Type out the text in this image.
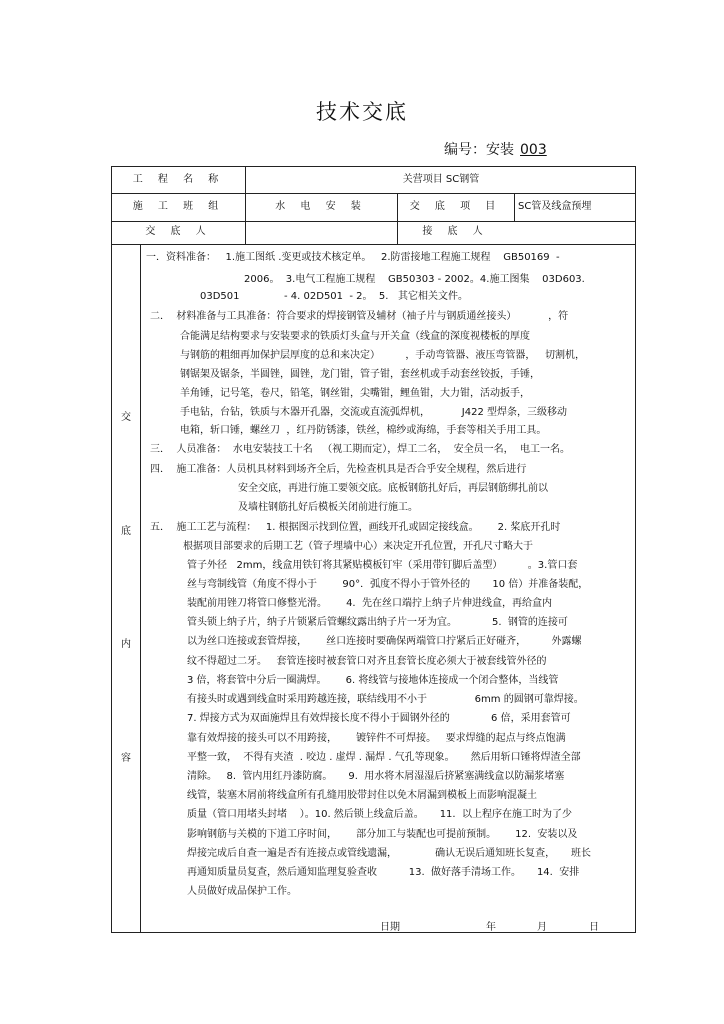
技术交底
编号：安装 003
工 程 名 称	关营项目 SC钢管
施 工 班 组	水 电 安 装	交 底 项 目	SC管及线盒预埋
交 底 人	接 底 人
交
底
内
容
一．资料准备：   1.施工图纸 .变更或技术核定单。   2.防雷接地工程施工规程    GB50169  -
2006。  3.电气工程施工规程    GB50303 - 2002。4.施工图集    03D603.
03D501              - 4. 02D501  - 2。  5.   其它相关文件。
二．  材料准备与工具准备：符合要求的焊接钢管及辅材（袖子片与钢质通丝接头）          ，符
合能满足结构要求与安装要求的铁质灯头盒与开关盒（线盒的深度视楼板的厚度
与钢筋的粗细再加保护层厚度的总和来决定）        ，手动弯管器、液压弯管器，   切割机，
钢锯架及锯条，半圆锉，圆锉，龙门钳，管子钳，套丝机或手动套丝铰扳，手锤，
羊角锤，记号笔，卷尺，铅笔，钢丝钳，尖嘴钳，鲤鱼钳，大力钳，活动扳手，
手电钻，台钻，铁质与木器开孔器，交流或直流弧焊机，          J422 型焊条，三级移动
电箱，斩口锤，螺丝刀  ，红丹防锈漆，铁丝，棉纱或海绵，手套等相关手用工具。
三．  人员准备：  水电安装技工十名   （视工期而定），焊工二名，  安全员一名，  电工一名。
四．  施工准备：人员机具材料到场齐全后，先检查机具是否合乎安全规程，然后进行
安全交底，再进行施工要领交底。底板钢筋扎好后，再层钢筋绑扎前以
及墙柱钢筋扎好后模板关闭前进行施工。
五．  施工工艺与流程：   1. 根据图示找到位置，画线开孔或固定接线盒。      2. 桨底开孔时
根据项目部要求的后期工艺（管子埋墙中心）来决定开孔位置，开孔尺寸略大于
管子外径   2mm，线盒用铁钉将其紧贴模板钉牢（采用带钉脚后盖型）        。3.管口套
丝与弯制线管（角度不得小于        90°．弧度不得小于管外径的       10 倍）并准备装配，
装配前用锉刀将管口修整光滑。      4.  先在丝口端拧上纳子片伸进线盒，再给盒内
管头锁上纳子片，纳子片锁紧后管螺纹露出纳子片一牙为宜。           5.  钢管的连接可
以为丝口连接或套管焊接，      丝口连接时要确保两端管口拧紧后正好碰齐，        外露螺
纹不得超过二牙。   套管连接时被套管口对齐且套管长度必须大于被套线管外径的
3 倍，将套管中分后一圈满焊。      6. 将线管与接地体连接成一个闭合整体，当线管
有接头时或遇到线盒时采用跨越连接，联结线用不小于               6mm 的圆钢可靠焊接。
7. 焊接方式为双面施焊且有效焊接长度不得小于圆钢外径的             6 倍，采用套管可
靠有效焊接的接头可以不用跨接，      镀锌件不可焊接。   要求焊缝的起点与终点饱满
平整一致，  不得有夹渣  . 咬边 . 虚焊 . 漏焊 . 气孔等现象。     然后用斩口锤将焊渣全部
清除。   8.  管内用红丹漆防腐。     9.  用水将木屑湿湿后挤紧塞满线盒以防漏浆堵塞
线管，装塞木屑前将线盒所有孔缝用胶带封住以免木屑漏到模板上而影响混凝土
质量（管口用堵头封堵    ）。10. 然后锁上线盒后盖。     11.  以上程序在施工时为了少
影响钢筋与关模的下道工序时间，      部分加工与装配也可提前预制。      12.  安装以及
焊接完成后自查一遍是否有连接点或管线遗漏，            确认无误后通知班长复查，     班长
再通知质量员复查，然后通知监理复验查收          13.  做好落手清场工作。     14.  安排
人员做好成品保护工作。
日期	年	月	日
